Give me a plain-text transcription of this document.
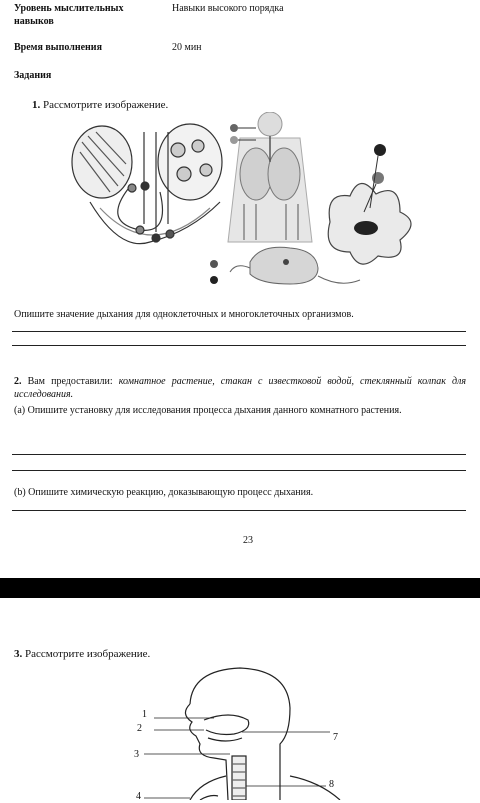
Уровень мыслительных навыков
Навыки высокого порядка
Время выполнения	20 мин
Задания
1. Рассмотрите изображение.
Опишите значение дыхания для одноклеточных и многоклеточных организмов.
2. Вам предоставили: комнатное растение, стакан с известковой водой, стеклянный колпак для исследования.
(а) Опишите установку для исследования процесса дыхания данного комнатного растения.
(b) Опишите химическую реакцию, доказывающую процесс дыхания.
23
3. Рассмотрите изображение.
1
2
3
4
7
8
